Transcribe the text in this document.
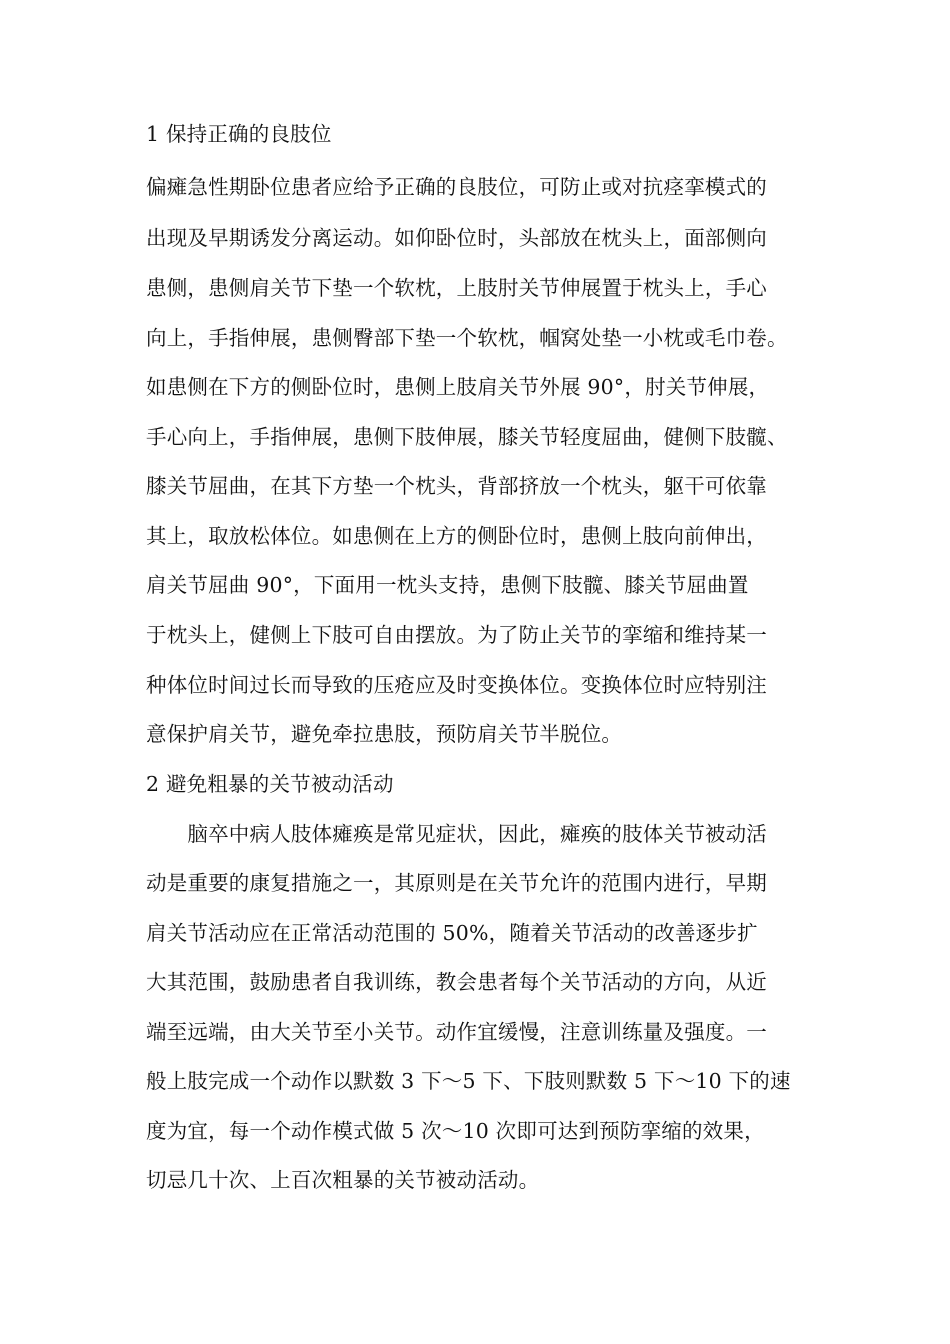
1 保持正确的良肢位
偏瘫急性期卧位患者应给予正确的良肢位，可防止或对抗痉挛模式的
出现及早期诱发分离运动。如仰卧位时，头部放在枕头上，面部侧向
患侧，患侧肩关节下垫一个软枕，上肢肘关节伸展置于枕头上，手心
向上，手指伸展，患侧臀部下垫一个软枕，帼窝处垫一小枕或毛巾卷。
如患侧在下方的侧卧位时，患侧上肢肩关节外展 90°，肘关节伸展，
手心向上，手指伸展，患侧下肢伸展，膝关节轻度屈曲，健侧下肢髋、
膝关节屈曲，在其下方垫一个枕头，背部挤放一个枕头，躯干可依靠
其上，取放松体位。如患侧在上方的侧卧位时，患侧上肢向前伸出，
肩关节屈曲 90°，下面用一枕头支持，患侧下肢髋、膝关节屈曲置
于枕头上，健侧上下肢可自由摆放。为了防止关节的挛缩和维持某一
种体位时间过长而导致的压疮应及时变换体位。变换体位时应特别注
意保护肩关节，避免牵拉患肢，预防肩关节半脱位。
2 避免粗暴的关节被动活动
　　脑卒中病人肢体瘫痪是常见症状，因此，瘫痪的肢体关节被动活
动是重要的康复措施之一，其原则是在关节允许的范围内进行，早期
肩关节活动应在正常活动范围的 50%，随着关节活动的改善逐步扩
大其范围，鼓励患者自我训练，教会患者每个关节活动的方向，从近
端至远端，由大关节至小关节。动作宜缓慢，注意训练量及强度。一
般上肢完成一个动作以默数 3 下～5 下、下肢则默数 5 下～10 下的速
度为宜，每一个动作模式做 5 次～10 次即可达到预防挛缩的效果，
切忌几十次、上百次粗暴的关节被动活动。
